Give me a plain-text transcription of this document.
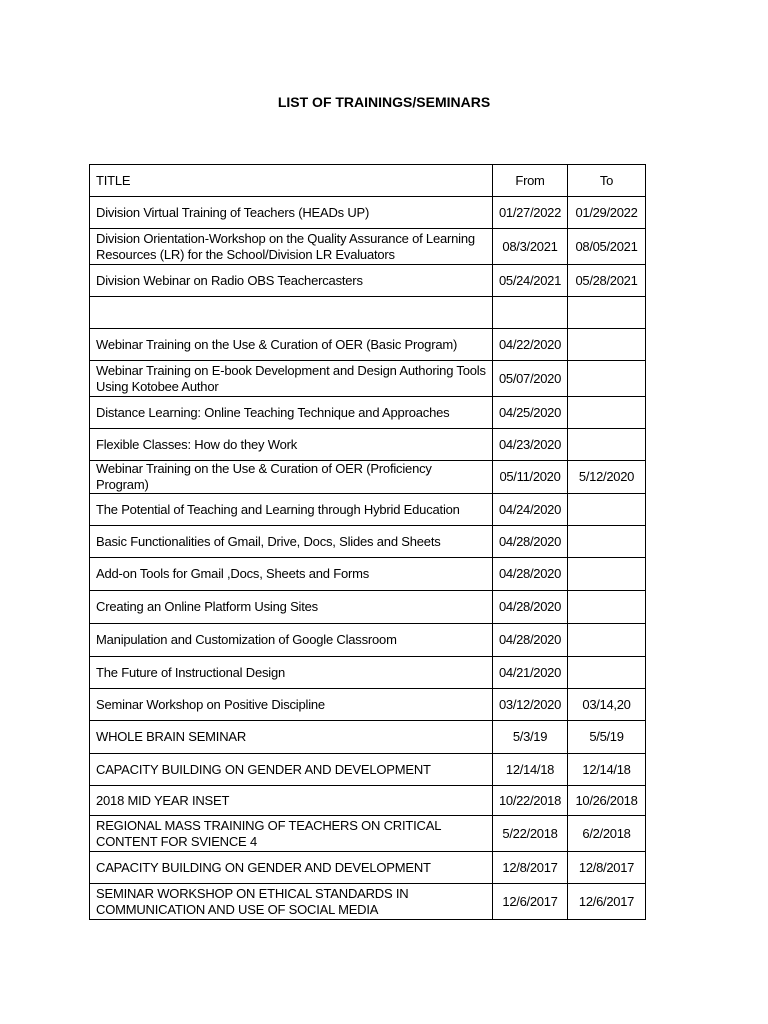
LIST OF TRAININGS/SEMINARS
TITLE	From	To
Division Virtual Training of Teachers (HEADs UP)	01/27/2022	01/29/2022
Division Orientation-Workshop on the Quality Assurance of Learning Resources (LR) for the School/Division LR Evaluators	08/3/2021	08/05/2021
Division Webinar on Radio OBS Teachercasters	05/24/2021	05/28/2021

Webinar Training on the Use & Curation of OER (Basic Program)	04/22/2020	
Webinar Training on E-book Development and Design Authoring Tools Using Kotobee Author	05/07/2020	
Distance Learning: Online Teaching Technique and Approaches	04/25/2020	
Flexible Classes: How do they Work	04/23/2020	
Webinar Training on the Use & Curation of OER (Proficiency Program)	05/11/2020	5/12/2020
The Potential of Teaching and Learning through Hybrid Education	04/24/2020	
Basic Functionalities of Gmail, Drive, Docs, Slides and Sheets	04/28/2020	
Add-on Tools for Gmail ,Docs, Sheets and Forms	04/28/2020	
Creating an Online Platform Using Sites	04/28/2020	
Manipulation and Customization of Google Classroom	04/28/2020	
The Future of Instructional Design	04/21/2020	
Seminar Workshop on Positive Discipline	03/12/2020	03/14,20
WHOLE BRAIN SEMINAR	5/3/19	5/5/19
CAPACITY BUILDING ON GENDER AND DEVELOPMENT	12/14/18	12/14/18
2018 MID YEAR INSET	10/22/2018	10/26/2018
REGIONAL MASS TRAINING OF TEACHERS ON CRITICAL CONTENT FOR SVIENCE 4	5/22/2018	6/2/2018
CAPACITY BUILDING ON GENDER AND DEVELOPMENT	12/8/2017	12/8/2017
SEMINAR WORKSHOP ON ETHICAL STANDARDS IN COMMUNICATION AND USE OF SOCIAL MEDIA	12/6/2017	12/6/2017
